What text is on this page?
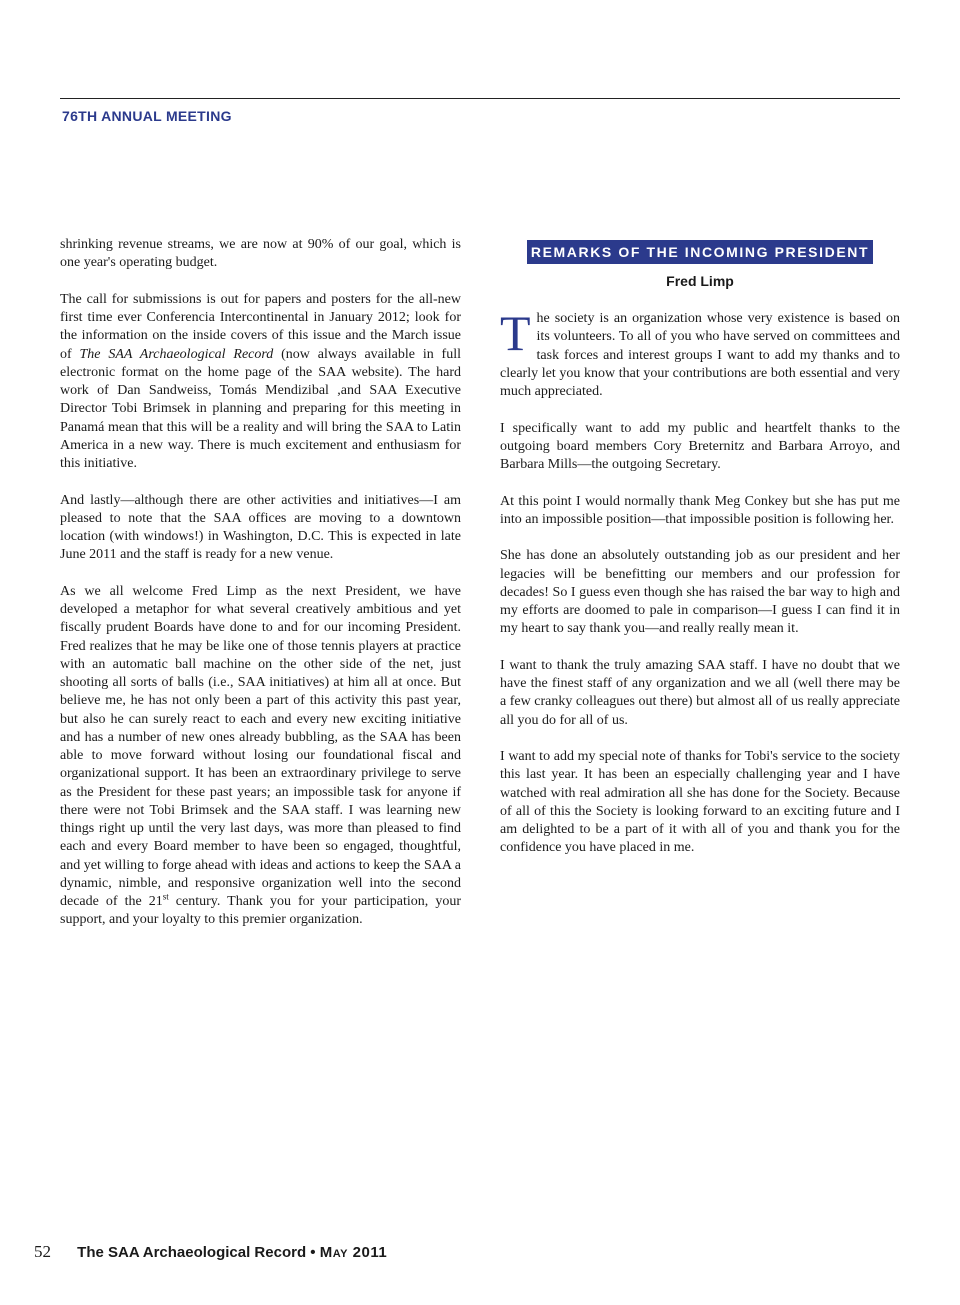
76TH ANNUAL MEETING

shrinking revenue streams, we are now at 90% of our goal, which is one year's operating budget.

The call for submissions is out for papers and posters for the all-new first time ever Conferencia Intercontinental in January 2012; look for the information on the inside covers of this issue and the March issue of The SAA Archaeological Record (now always available in full electronic format on the home page of the SAA website). The hard work of Dan Sandweiss, Tomás Mendizibal ,and SAA Executive Director Tobi Brimsek in planning and preparing for this meeting in Panamá mean that this will be a reality and will bring the SAA to Latin America in a new way. There is much excitement and enthusiasm for this initiative.

And lastly—although there are other activities and initiatives—I am pleased to note that the SAA offices are moving to a downtown location (with windows!) in Washington, D.C. This is expected in late June 2011 and the staff is ready for a new venue.

As we all welcome Fred Limp as the next President, we have developed a metaphor for what several creatively ambitious and yet fiscally prudent Boards have done to and for our incoming President. Fred realizes that he may be like one of those tennis players at practice with an automatic ball machine on the other side of the net, just shooting all sorts of balls (i.e., SAA initiatives) at him all at once. But believe me, he has not only been a part of this activity this past year, but also he can surely react to each and every new exciting initiative and has a number of new ones already bubbling, as the SAA has been able to move forward without losing our foundational fiscal and organizational support. It has been an extraordinary privilege to serve as the President for these past years; an impossible task for anyone if there were not Tobi Brimsek and the SAA staff. I was learning new things right up until the very last days, was more than pleased to find each and every Board member to have been so engaged, thoughtful, and yet willing to forge ahead with ideas and actions to keep the SAA a dynamic, nimble, and responsive organization well into the second decade of the 21st century. Thank you for your participation, your support, and your loyalty to this premier organization.

REMARKS OF THE INCOMING PRESIDENT
Fred Limp

The society is an organization whose very existence is based on its volunteers. To all of you who have served on committees and task forces and interest groups I want to add my thanks and to clearly let you know that your contributions are both essential and very much appreciated.

I specifically want to add my public and heartfelt thanks to the outgoing board members Cory Breternitz and Barbara Arroyo, and Barbara Mills—the outgoing Secretary.

At this point I would normally thank Meg Conkey but she has put me into an impossible position—that impossible position is following her.

She has done an absolutely outstanding job as our president and her legacies will be benefitting our members and our profession for decades! So I guess even though she has raised the bar way to high and my efforts are doomed to pale in comparison—I guess I can find it in my heart to say thank you—and really really mean it.

I want to thank the truly amazing SAA staff. I have no doubt that we have the finest staff of any organization and we all (well there may be a few cranky colleagues out there) but almost all of us really appreciate all you do for all of us.

I want to add my special note of thanks for Tobi's service to the society this last year. It has been an especially challenging year and I have watched with real admiration all she has done for the Society. Because of all of this the Society is looking forward to an exciting future and I am delighted to be a part of it with all of you and thank you for the confidence you have placed in me.

52 The SAA Archaeological Record • May 2011
